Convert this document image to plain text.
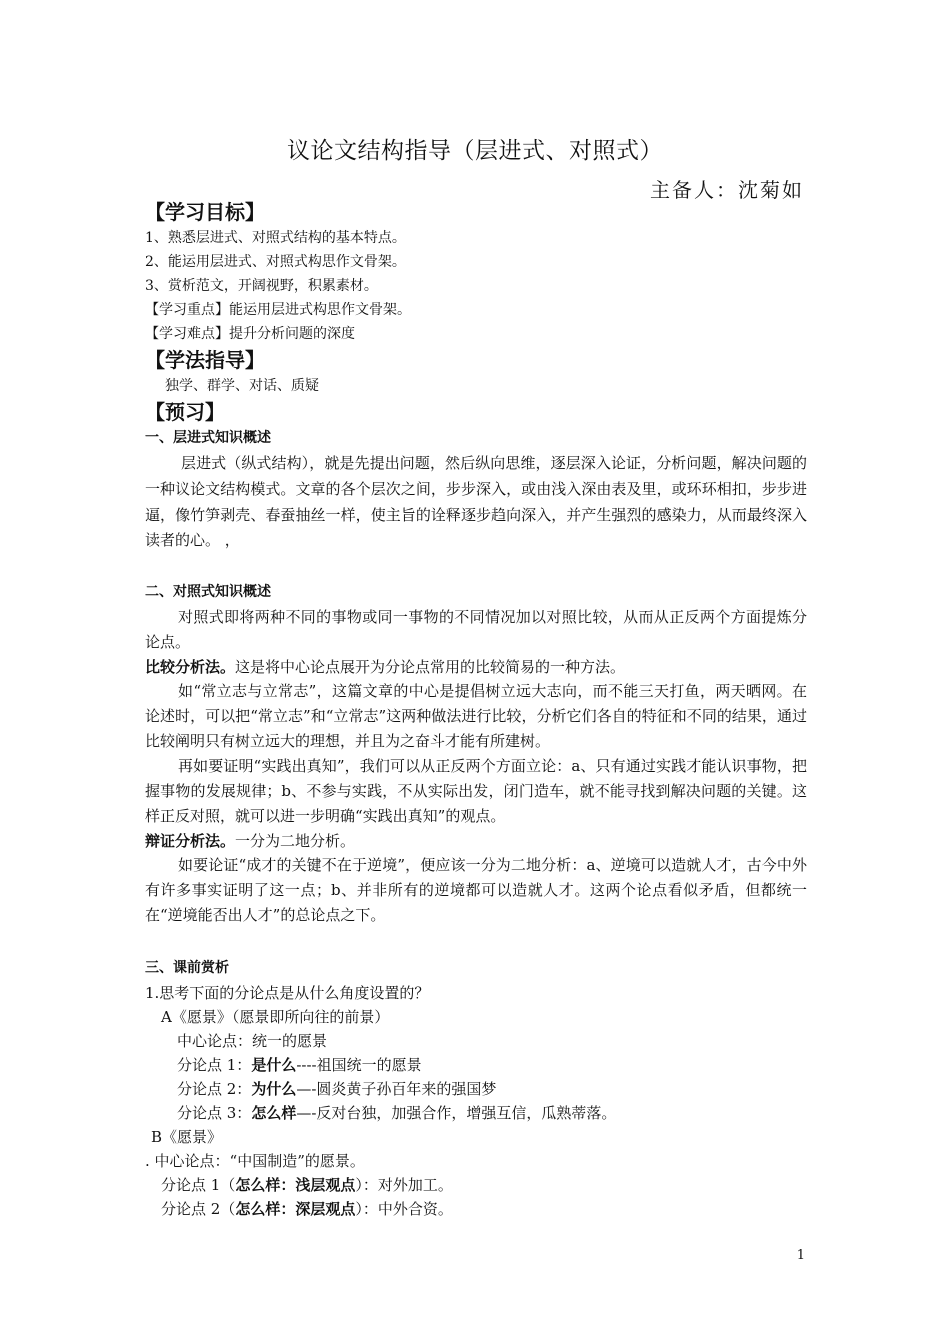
议论文结构指导（层进式、对照式）
主备人：沈菊如
【学习目标】
1、熟悉层进式、对照式结构的基本特点。
2、能运用层进式、对照式构思作文骨架。
3、赏析范文，开阔视野，积累素材。
【学习重点】能运用层进式构思作文骨架。
【学习难点】提升分析问题的深度
【学法指导】
独学、群学、对话、质疑
【预习】
一、层进式知识概述
层进式（纵式结构），就是先提出问题，然后纵向思维，逐层深入论证，分析问题，解决问题的一种议论文结构模式。文章的各个层次之间，步步深入，或由浅入深由表及里，或环环相扣，步步进逼，像竹笋剥壳、春蚕抽丝一样，使主旨的诠释逐步趋向深入，并产生强烈的感染力，从而最终深入读者的心。 ，
二、对照式知识概述
对照式即将两种不同的事物或同一事物的不同情况加以对照比较，从而从正反两个方面提炼分论点。
比较分析法。这是将中心论点展开为分论点常用的比较简易的一种方法。
如“常立志与立常志”，这篇文章的中心是提倡树立远大志向，而不能三天打鱼，两天晒网。在论述时，可以把“常立志”和“立常志”这两种做法进行比较，分析它们各自的特征和不同的结果，通过比较阐明只有树立远大的理想，并且为之奋斗才能有所建树。
再如要证明“实践出真知”，我们可以从正反两个方面立论：a、只有通过实践才能认识事物，把握事物的发展规律；b、不参与实践，不从实际出发，闭门造车，就不能寻找到解决问题的关键。这样正反对照，就可以进一步明确“实践出真知”的观点。
辩证分析法。一分为二地分析。
如要论证“成才的关键不在于逆境”，便应该一分为二地分析：a、逆境可以造就人才，古今中外有许多事实证明了这一点；b、并非所有的逆境都可以造就人才。这两个论点看似矛盾，但都统一在“逆境能否出人才”的总论点之下。
三、课前赏析
1.思考下面的分论点是从什么角度设置的？
A《愿景》（愿景即所向往的前景）
中心论点：统一的愿景
分论点 1：是什么----祖国统一的愿景
分论点 2：为什么—-圆炎黄子孙百年来的强国梦
分论点 3：怎么样—-反对台独，加强合作，增强互信，瓜熟蒂落。
B《愿景》
. 中心论点：“中国制造”的愿景。
分论点 1（怎么样：浅层观点）：对外加工。
分论点 2（怎么样：深层观点）：中外合资。
1
